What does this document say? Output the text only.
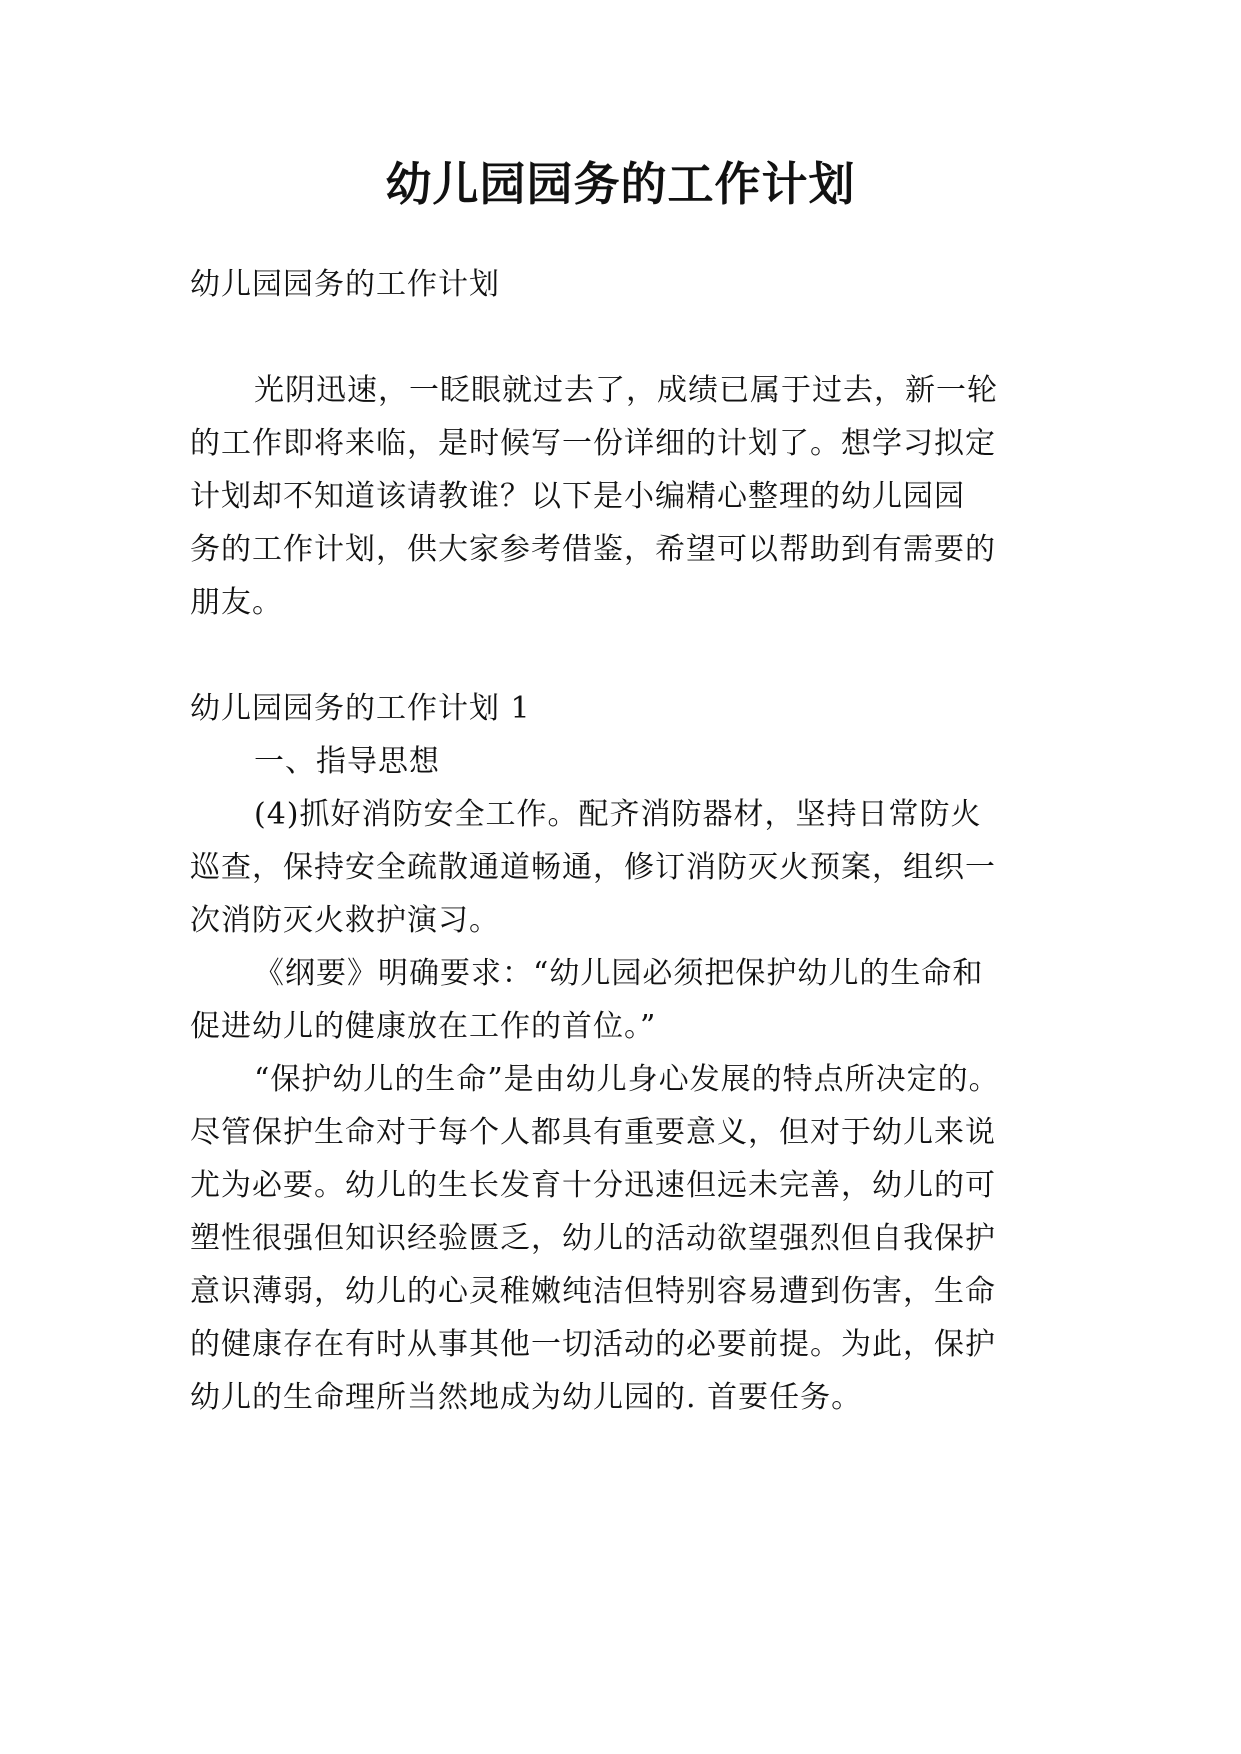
幼儿园园务的工作计划

幼儿园园务的工作计划

光阴迅速，一眨眼就过去了，成绩已属于过去，新一轮

的工作即将来临，是时候写一份详细的计划了。想学习拟定

计划却不知道该请教谁？以下是小编精心整理的幼儿园园

务的工作计划，供大家参考借鉴，希望可以帮助到有需要的

朋友。

幼儿园园务的工作计划 1

一、指导思想

(4)抓好消防安全工作。配齐消防器材，坚持日常防火

巡查，保持安全疏散通道畅通，修订消防灭火预案，组织一

次消防灭火救护演习。

《纲要》明确要求：“幼儿园必须把保护幼儿的生命和

促进幼儿的健康放在工作的首位。”

“保护幼儿的生命”是由幼儿身心发展的特点所决定的。

尽管保护生命对于每个人都具有重要意义，但对于幼儿来说

尤为必要。幼儿的生长发育十分迅速但远未完善，幼儿的可

塑性很强但知识经验匮乏，幼儿的活动欲望强烈但自我保护

意识薄弱，幼儿的心灵稚嫩纯洁但特别容易遭到伤害，生命

的健康存在有时从事其他一切活动的必要前提。为此，保护

幼儿的生命理所当然地成为幼儿园的. 首要任务。
